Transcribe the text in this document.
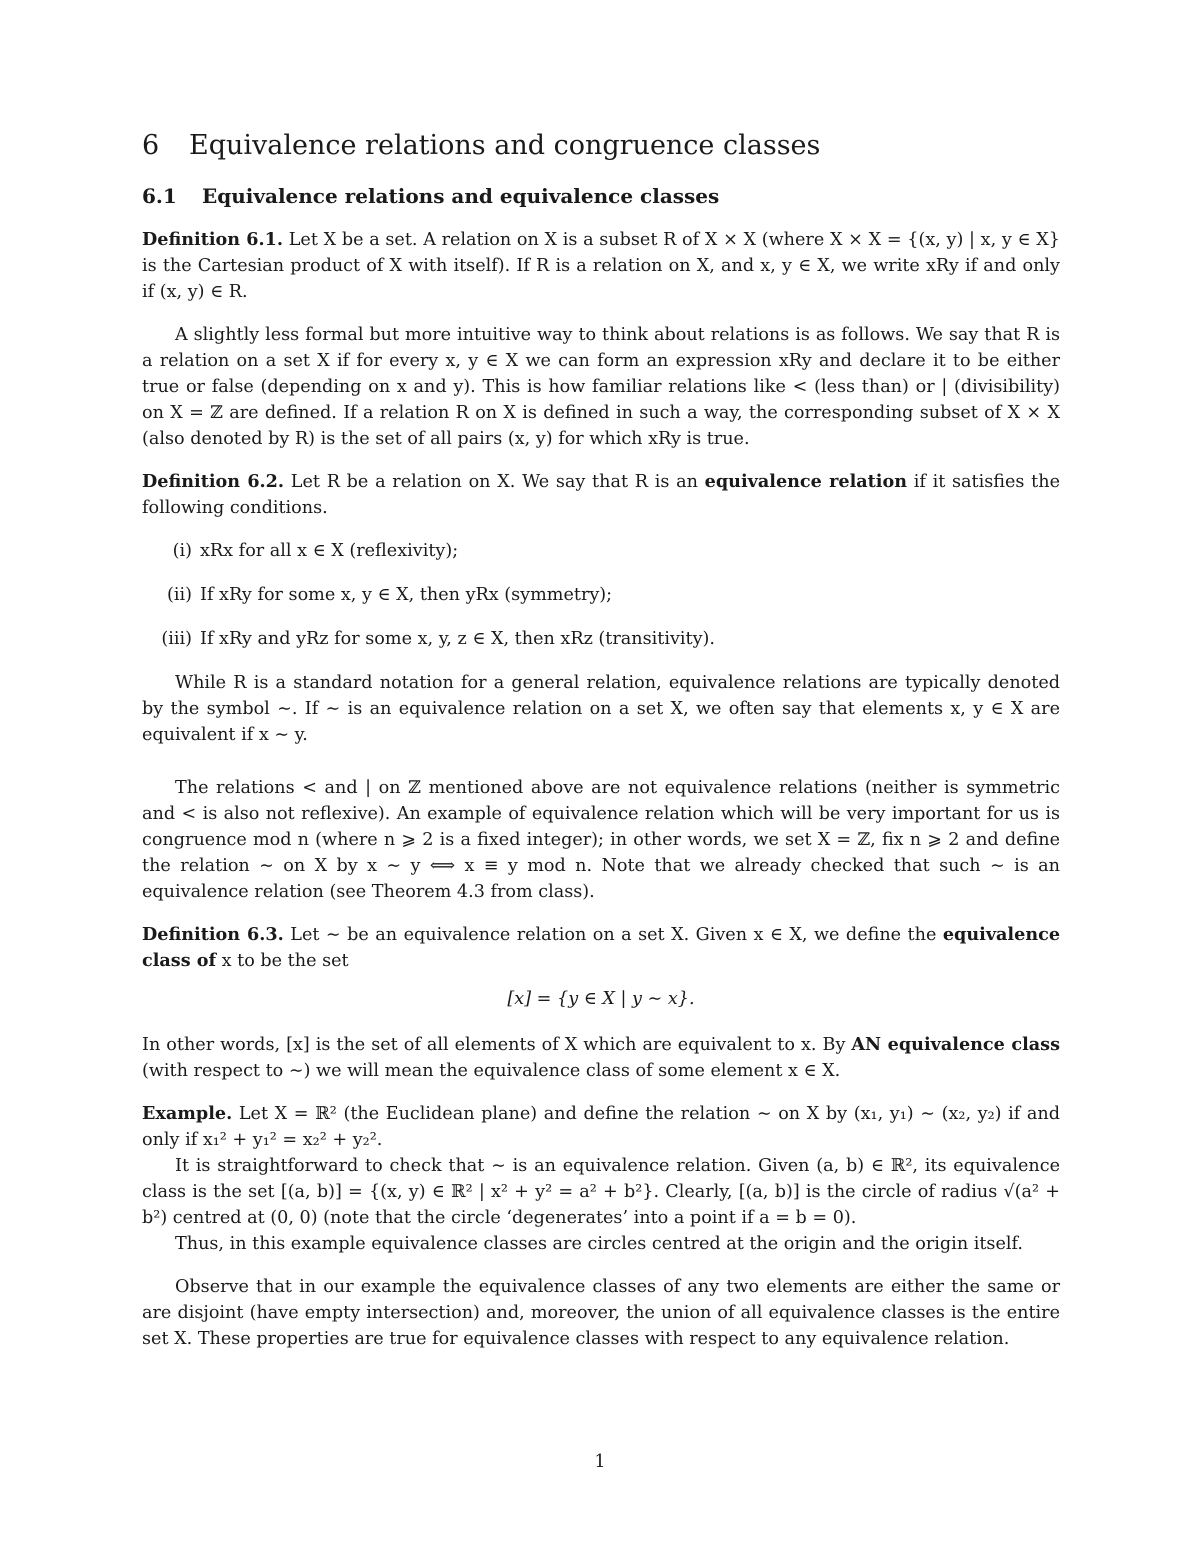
6 Equivalence relations and congruence classes
6.1 Equivalence relations and equivalence classes

Definition 6.1. Let X be a set. A relation on X is a subset R of X × X (where X × X = {(x, y) | x, y ∈ X} is the Cartesian product of X with itself). If R is a relation on X, and x, y ∈ X, we write xRy if and only if (x, y) ∈ R.

A slightly less formal but more intuitive way to think about relations is as follows. We say that R is a relation on a set X if for every x, y ∈ X we can form an expression xRy and declare it to be either true or false (depending on x and y). This is how familiar relations like < (less than) or | (divisibility) on X = ℤ are defined. If a relation R on X is defined in such a way, the corresponding subset of X × X (also denoted by R) is the set of all pairs (x, y) for which xRy is true.

Definition 6.2. Let R be a relation on X. We say that R is an equivalence relation if it satisfies the following conditions.

(i) xRx for all x ∈ X (reflexivity);
(ii) If xRy for some x, y ∈ X, then yRx (symmetry);
(iii) If xRy and yRz for some x, y, z ∈ X, then xRz (transitivity).

While R is a standard notation for a general relation, equivalence relations are typically denoted by the symbol ∼. If ∼ is an equivalence relation on a set X, we often say that elements x, y ∈ X are equivalent if x ∼ y.

The relations < and | on ℤ mentioned above are not equivalence relations (neither is symmetric and < is also not reflexive). An example of equivalence relation which will be very important for us is congruence mod n (where n ⩾ 2 is a fixed integer); in other words, we set X = ℤ, fix n ⩾ 2 and define the relation ∼ on X by x ∼ y ⟺ x ≡ y mod n. Note that we already checked that such ∼ is an equivalence relation (see Theorem 4.3 from class).

Definition 6.3. Let ∼ be an equivalence relation on a set X. Given x ∈ X, we define the equivalence class of x to be the set

[x] = {y ∈ X | y ∼ x}.

In other words, [x] is the set of all elements of X which are equivalent to x. By AN equivalence class (with respect to ∼) we will mean the equivalence class of some element x ∈ X.

Example. Let X = ℝ² (the Euclidean plane) and define the relation ∼ on X by (x₁, y₁) ∼ (x₂, y₂) if and only if x₁² + y₁² = x₂² + y₂².

It is straightforward to check that ∼ is an equivalence relation. Given (a, b) ∈ ℝ², its equivalence class is the set [(a, b)] = {(x, y) ∈ ℝ² | x² + y² = a² + b²}. Clearly, [(a, b)] is the circle of radius √(a² + b²) centred at (0, 0) (note that the circle ‘degenerates’ into a point if a = b = 0).

Thus, in this example equivalence classes are circles centred at the origin and the origin itself.

Observe that in our example the equivalence classes of any two elements are either the same or are disjoint (have empty intersection) and, moreover, the union of all equivalence classes is the entire set X. These properties are true for equivalence classes with respect to any equivalence relation.

1
